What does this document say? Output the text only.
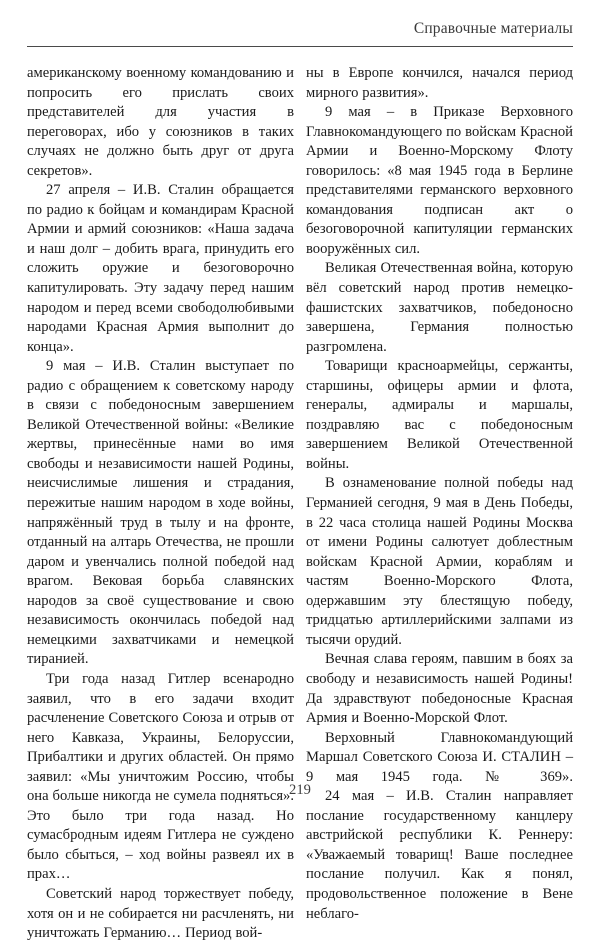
Справочные материалы

американскому военному командованию и попросить его прислать своих представителей для участия в переговорах, ибо у союзников в таких случаях не должно быть друг от друга секретов».

27 апреля – И.В. Сталин обращается по радио к бойцам и командирам Красной Армии и армий союзников: «Наша задача и наш долг – добить врага, принудить его сложить оружие и безоговорочно капитулировать. Эту задачу перед нашим народом и перед всеми свободолюбивыми народами Красная Армия выполнит до конца».

9 мая – И.В. Сталин выступает по радио с обращением к советскому народу в связи с победоносным завершением Великой Отечественной войны: «Великие жертвы, принесённые нами во имя свободы и независимости нашей Родины, неисчислимые лишения и страдания, пережитые нашим народом в ходе войны, напряжённый труд в тылу и на фронте, отданный на алтарь Отечества, не прошли даром и увенчались полной победой над врагом. Вековая борьба славянских народов за своё существование и свою независимость окончилась победой над немецкими захватчиками и немецкой тиранией.

Три года назад Гитлер всенародно заявил, что в его задачи входит расчленение Советского Союза и отрыв от него Кавказа, Украины, Белоруссии, Прибалтики и других областей. Он прямо заявил: «Мы уничтожим Россию, чтобы она больше никогда не сумела подняться». Это было три года назад. Но сумасбродным идеям Гитлера не суждено было сбыться, – ход войны развеял их в прах…

Советский народ торжествует победу, хотя он и не собирается ни расчленять, ни уничтожать Германию… Период вой-

ны в Европе кончился, начался период мирного развития».

9 мая – в Приказе Верховного Главнокомандующего по войскам Красной Армии и Военно-Морскому Флоту говорилось: «8 мая 1945 года в Берлине представителями германского верховного командования подписан акт о безоговорочной капитуляции германских вооружённых сил.

Великая Отечественная война, которую вёл советский народ против немецко-фашистских захватчиков, победоносно завершена, Германия полностью разгромлена.

Товарищи красноармейцы, сержанты, старшины, офицеры армии и флота, генералы, адмиралы и маршалы, поздравляю вас с победоносным завершением Великой Отечественной войны.

В ознаменование полной победы над Германией сегодня, 9 мая в День Победы, в 22 часа столица нашей Родины Москва от имени Родины салютует доблестным войскам Красной Армии, кораблям и частям Военно-Морского Флота, одержавшим эту блестящую победу, тридцатью артиллерийскими залпами из тысячи орудий.

Вечная слава героям, павшим в боях за свободу и независимость нашей Родины! Да здравствуют победоносные Красная Армия и Военно-Морской Флот.

Верховный Главнокомандующий Маршал Советского Союза И. СТАЛИН – 9 мая 1945 года. № 369».

24 мая – И.В. Сталин направляет послание государственному канцлеру австрийской республики К. Реннеру: «Уважаемый товарищ! Ваше последнее послание получил. Как я понял, продовольственное положение в Вене неблаго-

219
